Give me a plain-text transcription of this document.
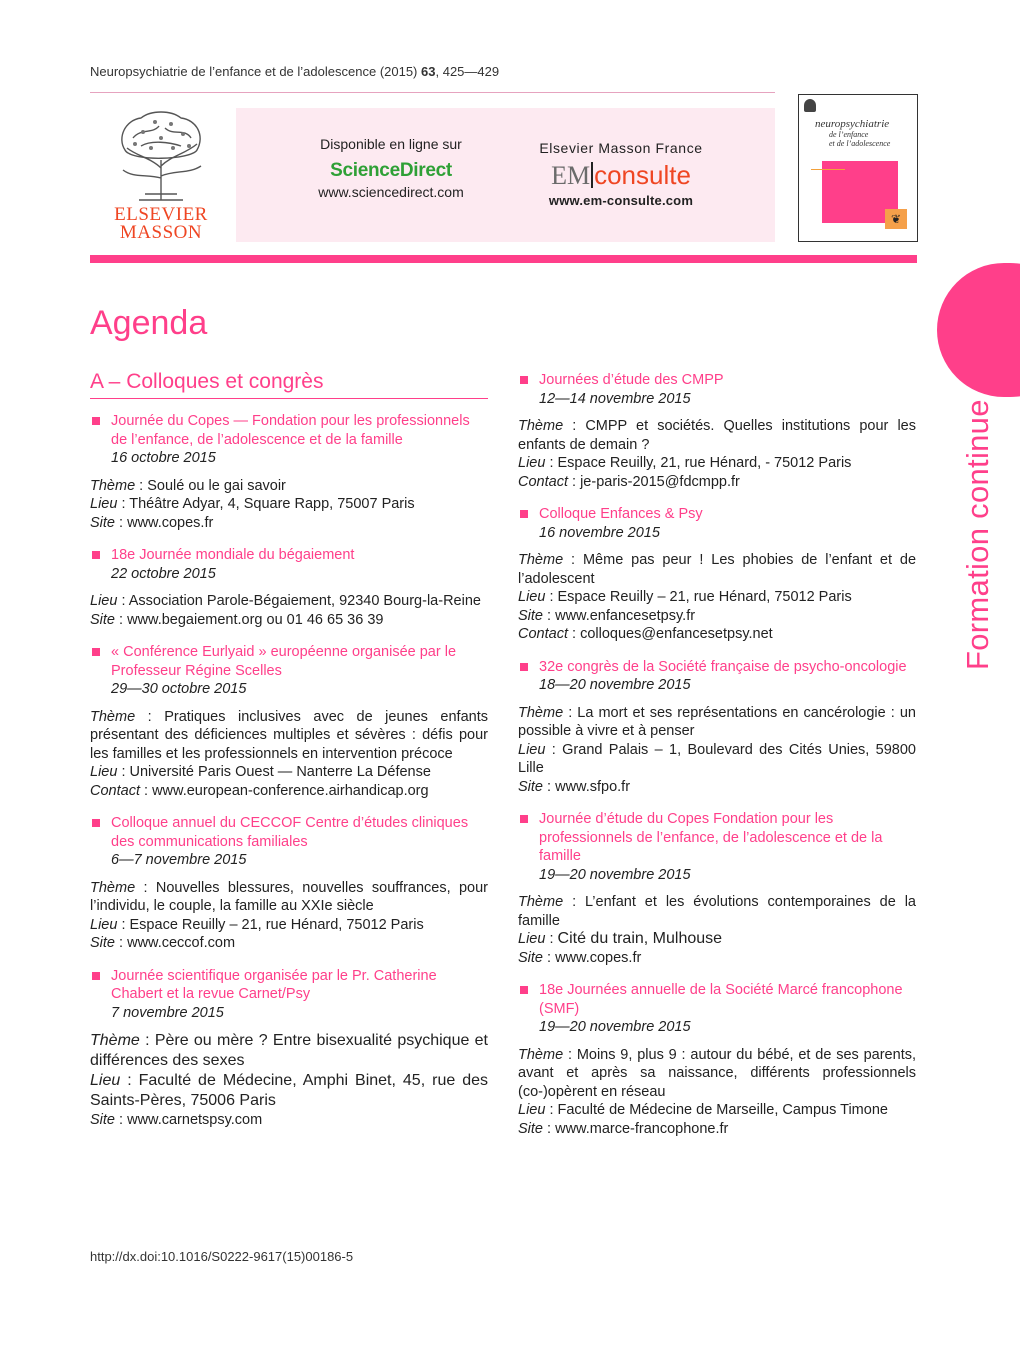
Neuropsychiatrie de l’enfance et de l’adolescence (2015) 63, 425—429
ELSEVIER
MASSON
Disponible en ligne sur
ScienceDirect
www.sciencedirect.com
Elsevier Masson France
EM consulte
www.em-consulte.com
neuropsychiatrie
de l’enfance
et de l’adolescence
❦
Formation continue
Agenda
A – Colloques et congrès
Journée du Copes — Fondation pour les professionnels de l’enfance, de l’adolescence et de la famille
16 octobre 2015
Thème : Soulé ou le gai savoir
Lieu : Théâtre Adyar, 4, Square Rapp, 75007 Paris
Site : www.copes.fr
18e Journée mondiale du bégaiement
22 octobre 2015
Lieu : Association Parole-Bégaiement, 92340 Bourg-la-Reine
Site : www.begaiement.org ou 01 46 65 36 39
« Conférence Eurlyaid » européenne organisée par le Professeur Régine Scelles
29—30 octobre 2015
Thème : Pratiques inclusives avec de jeunes enfants présentant des déficiences multiples et sévères : défis pour les familles et les professionnels en intervention précoce
Lieu : Université Paris Ouest — Nanterre La Défense
Contact : www.european-conference.airhandicap.org
Colloque annuel du CECCOF Centre d’études cliniques des communications familiales
6—7 novembre 2015
Thème : Nouvelles blessures, nouvelles souffrances, pour l’individu, le couple, la famille au XXIe siècle
Lieu : Espace Reuilly – 21, rue Hénard, 75012 Paris
Site : www.ceccof.com
Journée scientifique organisée par le Pr. Catherine Chabert et la revue Carnet/Psy
7 novembre 2015
Thème : Père ou mère ? Entre bisexualité psychique et différences des sexes
Lieu : Faculté de Médecine, Amphi Binet, 45, rue des Saints-Pères, 75006 Paris
Site : www.carnetspsy.com
Journées d’étude des CMPP
12—14 novembre 2015
Thème : CMPP et sociétés. Quelles institutions pour les enfants de demain ?
Lieu : Espace Reuilly, 21, rue Hénard, - 75012 Paris
Contact : je-paris-2015@fdcmpp.fr
Colloque Enfances & Psy
16 novembre 2015
Thème : Même pas peur ! Les phobies de l’enfant et de l’adolescent
Lieu : Espace Reuilly – 21, rue Hénard, 75012 Paris
Site : www.enfancesetpsy.fr
Contact : colloques@enfancesetpsy.net
32e congrès de la Société française de psycho-oncologie
18—20 novembre 2015
Thème : La mort et ses représentations en cancérologie : un possible à vivre et à penser
Lieu : Grand Palais – 1, Boulevard des Cités Unies, 59800 Lille
Site : www.sfpo.fr
Journée d’étude du Copes Fondation pour les professionnels de l’enfance, de l’adolescence et de la famille
19—20 novembre 2015
Thème : L’enfant et les évolutions contemporaines de la famille
Lieu : Cité du train, Mulhouse
Site : www.copes.fr
18e Journées annuelle de la Société Marcé francophone (SMF)
19—20 novembre 2015
Thème : Moins 9, plus 9 : autour du bébé, et de ses parents, avant et après sa naissance, différents professionnels (co-)opèrent en réseau
Lieu : Faculté de Médecine de Marseille, Campus Timone
Site : www.marce-francophone.fr
http://dx.doi:10.1016/S0222-9617(15)00186-5
